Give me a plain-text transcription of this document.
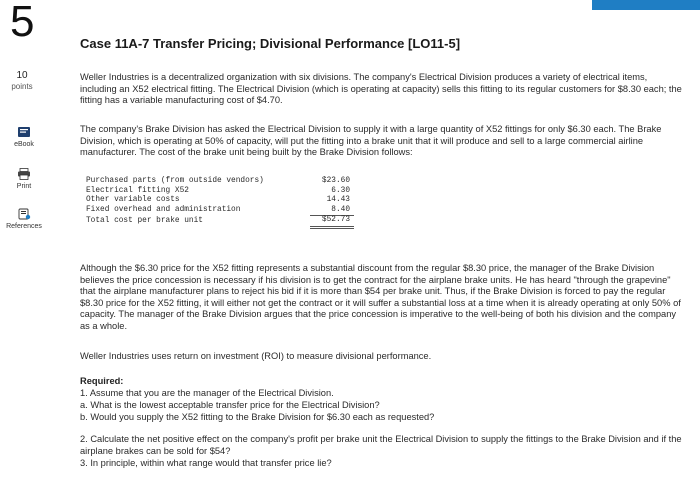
5
10
points
eBook
Print
References
Case 11A-7 Transfer Pricing; Divisional Performance [LO11-5]

Weller Industries is a decentralized organization with six divisions. The company's Electrical Division produces a variety of electrical items, including an X52 electrical fitting. The Electrical Division (which is operating at capacity) sells this fitting to its regular customers for $8.30 each; the fitting has a variable manufacturing cost of $4.70.

The company's Brake Division has asked the Electrical Division to supply it with a large quantity of X52 fittings for only $6.30 each. The Brake Division, which is operating at 50% of capacity, will put the fitting into a brake unit that it will produce and sell to a large commercial airline manufacturer. The cost of the brake unit being built by the Brake Division follows:

Purchased parts (from outside vendors)	$23.60
Electrical fitting X52	6.30
Other variable costs	14.43
Fixed overhead and administration	8.40
Total cost per brake unit	$52.73

Although the $6.30 price for the X52 fitting represents a substantial discount from the regular $8.30 price, the manager of the Brake Division believes the price concession is necessary if his division is to get the contract for the airplane brake units. He has heard "through the grapevine" that the airplane manufacturer plans to reject his bid if it is more than $54 per brake unit. Thus, if the Brake Division is forced to pay the regular $8.30 price for the X52 fitting, it will either not get the contract or it will suffer a substantial loss at a time when it is already operating at only 50% of capacity. The manager of the Brake Division argues that the price concession is imperative to the well-being of both his division and the company as a whole.

Weller Industries uses return on investment (ROI) to measure divisional performance.

Required:

1. Assume that you are the manager of the Electrical Division.

a. What is the lowest acceptable transfer price for the Electrical Division?

b. Would you supply the X52 fitting to the Brake Division for $6.30 each as requested?

2. Calculate the net positive effect on the company's profit per brake unit the Electrical Division to supply the fittings to the Brake Division and if the airplane brakes can be sold for $54?

3. In principle, within what range would that transfer price lie?
